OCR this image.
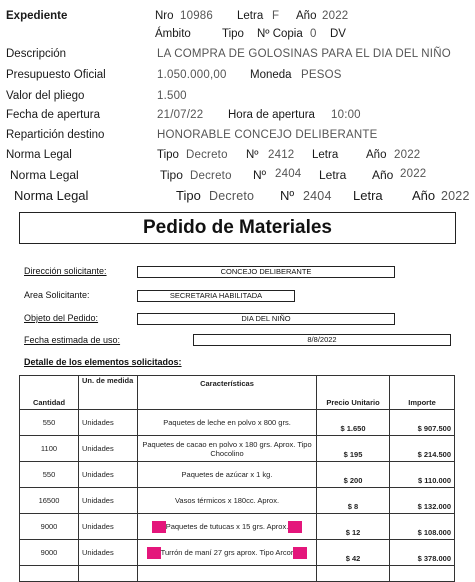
Expediente	Nro 10986 Letra F Año 2022
Ámbito	Tipo Nº Copia 0 DV
Descripción	LA COMPRA DE GOLOSINAS PARA EL DIA DEL NIÑO
Presupuesto Oficial	1.050.000,00 Moneda PESOS
Valor del pliego	1.500
Fecha de apertura	21/07/22 Hora de apertura 10:00
Repartición destino	HONORABLE CONCEJO DELIBERANTE
Norma Legal	Tipo Decreto Nº 2412 Letra Año 2022
Norma Legal	Tipo Decreto Nº 2404 Letra Año 2022
Norma Legal	Tipo Decreto Nº 2404 Letra Año 2022
Pedido de Materiales
Dirección solicitante:	CONCEJO DELIBERANTE
Area Solicitante:	SECRETARIA HABILITADA
Objeto del Pedido:	DIA DEL NIÑO
Fecha estimada de uso:	8/8/2022
Detalle de los elementos solicitados:
Cantidad	Un. de medida	Características	Precio Unitario	Importe
550	Unidades	Paquetes de leche en polvo x 800 grs.	$ 1.650	$ 907.500
1100	Unidades	Paquetes de cacao en polvo x 180 grs. Aprox. Tipo Chocolino	$ 195	$ 214.500
550	Unidades	Paquetes de azúcar x 1 kg.	$ 200	$ 110.000
16500	Unidades	Vasos térmicos x 180cc. Aprox.	$ 8	$ 132.000
9000	Unidades	Paquetes de tutucas x 15 grs. Aprox.	$ 12	$ 108.000
9000	Unidades	Turrón de maní 27 grs aprox. Tipo Arcor	$ 42	$ 378.000
